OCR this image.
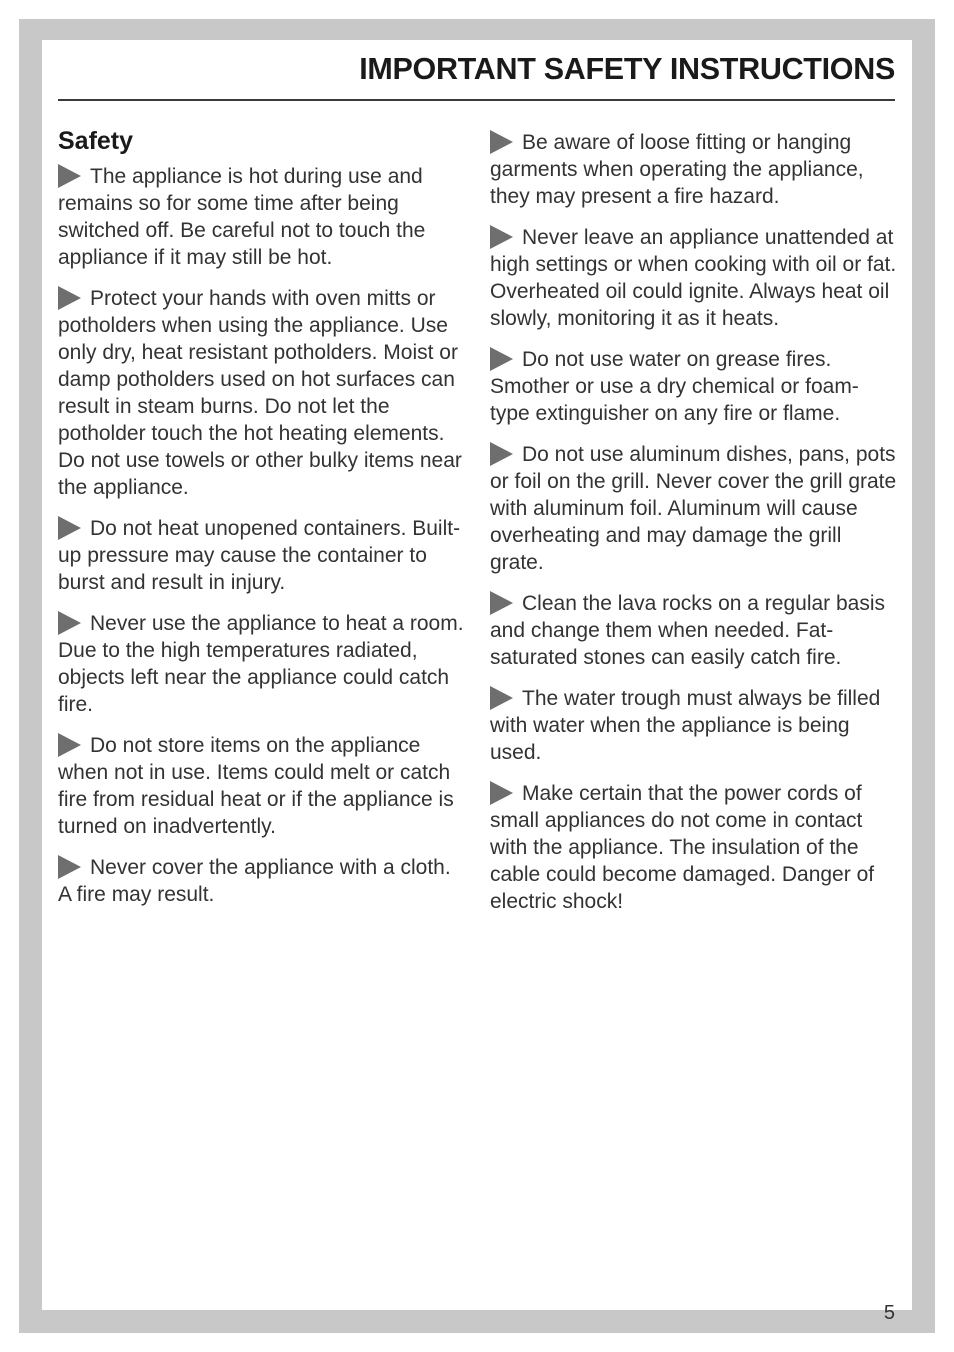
IMPORTANT SAFETY INSTRUCTIONS
Safety

The appliance is hot during use and remains so for some time after being switched off. Be careful not to touch the appliance if it may still be hot.

Protect your hands with oven mitts or potholders when using the appliance. Use only dry, heat resistant potholders. Moist or damp potholders used on hot surfaces can result in steam burns. Do not let the potholder touch the hot heating elements. Do not use towels or other bulky items near the appliance.

Do not heat unopened containers. Built-up pressure may cause the container to burst and result in injury.

Never use the appliance to heat a room. Due to the high temperatures radiated, objects left near the appliance could catch fire.

Do not store items on the appliance when not in use. Items could melt or catch fire from residual heat or if the appliance is turned on inadvertently.

Never cover the appliance with a cloth. A fire may result.

Be aware of loose fitting or hanging garments when operating the appliance, they may present a fire hazard.

Never leave an appliance unattended at high settings or when cooking with oil or fat. Overheated oil could ignite. Always heat oil slowly, monitoring it as it heats.

Do not use water on grease fires. Smother or use a dry chemical or foam-type extinguisher on any fire or flame.

Do not use aluminum dishes, pans, pots or foil on the grill. Never cover the grill grate with aluminum foil. Aluminum will cause overheating and may damage the grill grate.

Clean the lava rocks on a regular basis and change them when needed. Fat-saturated stones can easily catch fire.

The water trough must always be filled with water when the appliance is being used.

Make certain that the power cords of small appliances do not come in contact with the appliance. The insulation of the cable could become damaged. Danger of electric shock!

5
